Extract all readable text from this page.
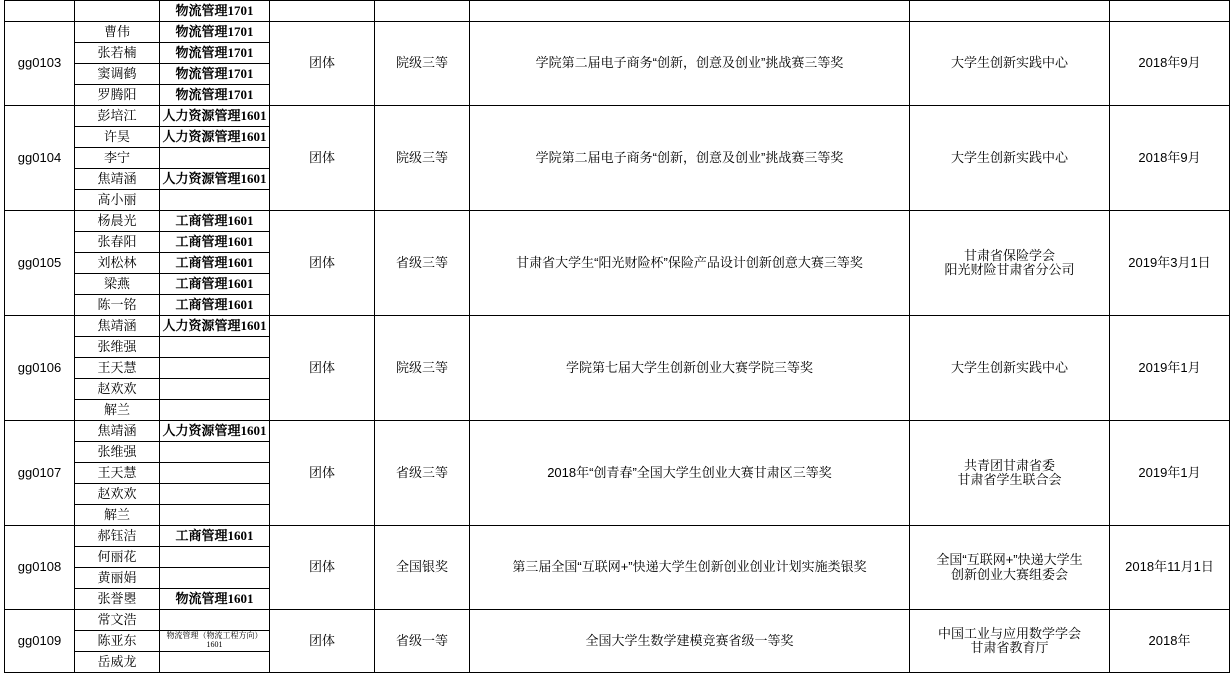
		物流管理1701					
gg0103	曹伟	物流管理1701	团体	院级三等	学院第二届电子商务“创新，创意及创业”挑战赛三等奖	大学生创新实践中心	2018年9月
	张若楠	物流管理1701					
	窦调鹤	物流管理1701					
	罗腾阳	物流管理1701					
gg0104	彭培江	人力资源管理1601	团体	院级三等	学院第二届电子商务“创新，创意及创业”挑战赛三等奖	大学生创新实践中心	2018年9月
	许昊	人力资源管理1601					
	李宁						
	焦靖涵	人力资源管理1601					
	高小丽						
gg0105	杨晨光	工商管理1601	团体	省级三等	甘肃省大学生“阳光财险杯”保险产品设计创新创意大赛三等奖	甘肃省保险学会
阳光财险甘肃省分公司	2019年3月1日
	张春阳	工商管理1601					
	刘松林	工商管理1601					
	梁燕	工商管理1601					
	陈一铭	工商管理1601					
gg0106	焦靖涵	人力资源管理1601	团体	院级三等	学院第七届大学生创新创业大赛学院三等奖	大学生创新实践中心	2019年1月
	张维强						
	王天慧						
	赵欢欢						
	解兰						
gg0107	焦靖涵	人力资源管理1601	团体	省级三等	2018年“创青春”全国大学生创业大赛甘肃区三等奖	共青团甘肃省委
甘肃省学生联合会	2019年1月
	张维强						
	王天慧						
	赵欢欢						
	解兰						
gg0108	郝钰洁	工商管理1601	团体	全国银奖	第三届全国“互联网+”快递大学生创新创业创业计划实施类银奖	全国“互联网+”快递大学生
创新创业大赛组委会	2018年11月1日
	何丽花						
	黄丽娟						
	张誉瞾	物流管理1601					
gg0109	常文浩		团体	省级一等	全国大学生数学建模竞赛省级一等奖	中国工业与应用数学学会
甘肃省教育厅	2018年
	陈亚东	物流管理（物流工程方向）1601					
	岳威龙						
